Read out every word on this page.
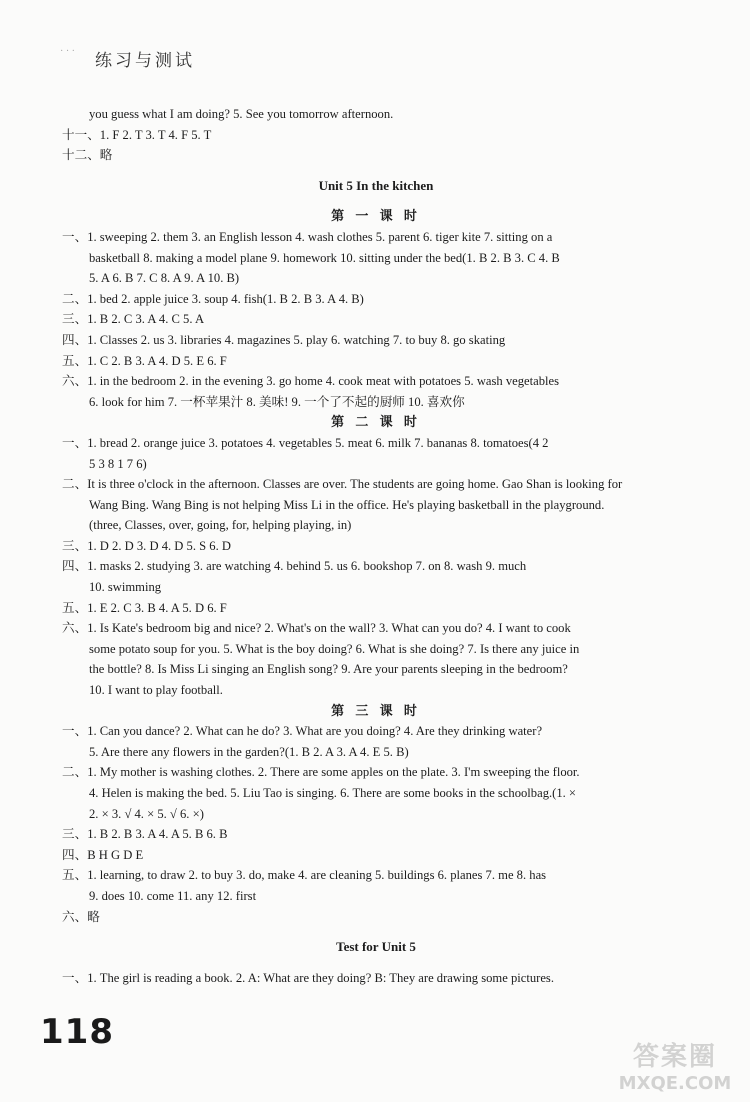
· · · 练习与测试
you guess what I am doing? 5. See you tomorrow afternoon.
十一、1. F 2. T 3. T 4. F 5. T
十二、略
Unit 5 In the kitchen
第 一 课 时
一、1. sweeping 2. them 3. an English lesson 4. wash clothes 5. parent 6. tiger kite 7. sitting on a
basketball 8. making a model plane 9. homework 10. sitting under the bed(1. B 2. B 3. C 4. B
5. A 6. B 7. C 8. A 9. A 10. B)
二、1. bed 2. apple juice 3. soup 4. fish(1. B 2. B 3. A 4. B)
三、1. B 2. C 3. A 4. C 5. A
四、1. Classes 2. us 3. libraries 4. magazines 5. play 6. watching 7. to buy 8. go skating
五、1. C 2. B 3. A 4. D 5. E 6. F
六、1. in the bedroom 2. in the evening 3. go home 4. cook meat with potatoes 5. wash vegetables
6. look for him 7. 一杯苹果汁 8. 美味! 9. 一个了不起的厨师 10. 喜欢你
第 二 课 时
一、1. bread 2. orange juice 3. potatoes 4. vegetables 5. meat 6. milk 7. bananas 8. tomatoes(4 2
5 3 8 1 7 6)
二、It is three o'clock in the afternoon. Classes are over. The students are going home. Gao Shan is looking for
Wang Bing. Wang Bing is not helping Miss Li in the office. He's playing basketball in the playground.
(three, Classes, over, going, for, helping playing, in)
三、1. D 2. D 3. D 4. D 5. S 6. D
四、1. masks 2. studying 3. are watching 4. behind 5. us 6. bookshop 7. on 8. wash 9. much
10. swimming
五、1. E 2. C 3. B 4. A 5. D 6. F
六、1. Is Kate's bedroom big and nice? 2. What's on the wall? 3. What can you do? 4. I want to cook
some potato soup for you. 5. What is the boy doing? 6. What is she doing? 7. Is there any juice in
the bottle? 8. Is Miss Li singing an English song? 9. Are your parents sleeping in the bedroom?
10. I want to play football.
第 三 课 时
一、1. Can you dance? 2. What can he do? 3. What are you doing? 4. Are they drinking water?
5. Are there any flowers in the garden?(1. B 2. A 3. A 4. E 5. B)
二、1. My mother is washing clothes. 2. There are some apples on the plate. 3. I'm sweeping the floor.
4. Helen is making the bed. 5. Liu Tao is singing. 6. There are some books in the schoolbag.(1. ×
2. × 3. √ 4. × 5. √ 6. ×)
三、1. B 2. B 3. A 4. A 5. B 6. B
四、B H G D E
五、1. learning, to draw 2. to buy 3. do, make 4. are cleaning 5. buildings 6. planes 7. me 8. has
9. does 10. come 11. any 12. first
六、略
Test for Unit 5
一、1. The girl is reading a book. 2. A: What are they doing? B: They are drawing some pictures.
118
答案圈
MXQE.COM
